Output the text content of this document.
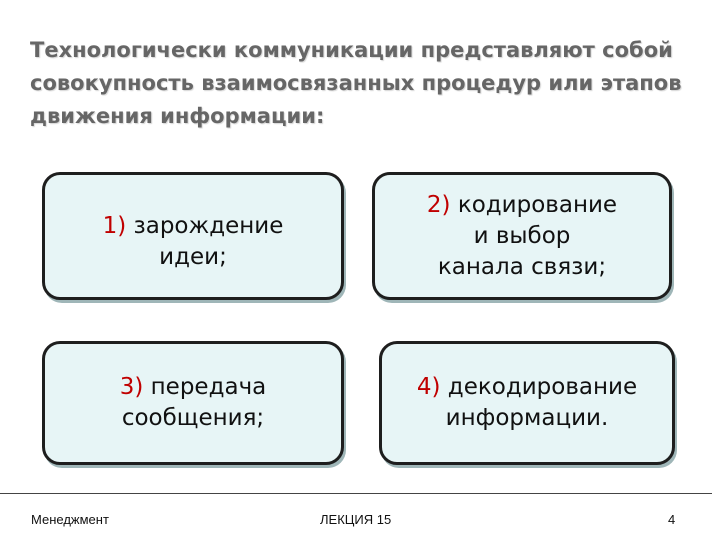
Технологически коммуникации представляют собой совокупность взаимосвязанных процедур или этапов движения информации:
1) зарождение
идеи;
2) кодирование
и выбор
канала связи;
3) передача
сообщения;
4) декодирование
информации.
Менеджмент	ЛЕКЦИЯ 15	4
